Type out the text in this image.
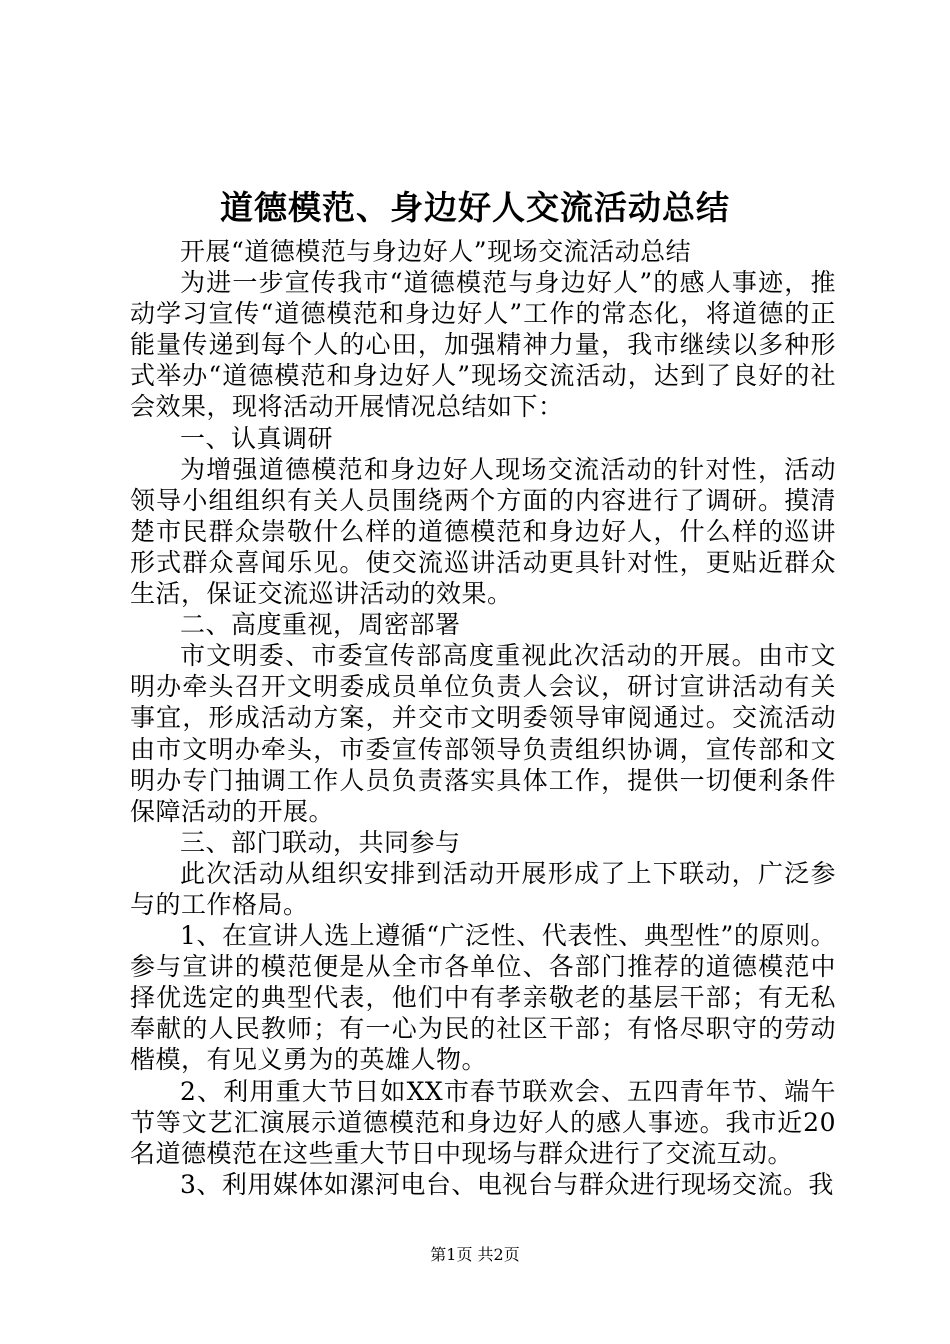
道德模范、身边好人交流活动总结

开展“道德模范与身边好人”现场交流活动总结

为进一步宣传我市“道德模范与身边好人”的感人事迹，推动学习宣传“道德模范和身边好人”工作的常态化，将道德的正能量传递到每个人的心田，加强精神力量，我市继续以多种形式举办“道德模范和身边好人”现场交流活动，达到了良好的社会效果，现将活动开展情况总结如下：

一、认真调研

为增强道德模范和身边好人现场交流活动的针对性，活动领导小组组织有关人员围绕两个方面的内容进行了调研。摸清楚市民群众崇敬什么样的道德模范和身边好人，什么样的巡讲形式群众喜闻乐见。使交流巡讲活动更具针对性，更贴近群众生活，保证交流巡讲活动的效果。

二、高度重视，周密部署

市文明委、市委宣传部高度重视此次活动的开展。由市文明办牵头召开文明委成员单位负责人会议，研讨宣讲活动有关事宜，形成活动方案，并交市文明委领导审阅通过。交流活动由市文明办牵头，市委宣传部领导负责组织协调，宣传部和文明办专门抽调工作人员负责落实具体工作，提供一切便利条件保障活动的开展。

三、部门联动，共同参与

此次活动从组织安排到活动开展形成了上下联动，广泛参与的工作格局。

1、在宣讲人选上遵循“广泛性、代表性、典型性”的原则。参与宣讲的模范便是从全市各单位、各部门推荐的道德模范中择优选定的典型代表，他们中有孝亲敬老的基层干部；有无私奉献的人民教师；有一心为民的社区干部；有恪尽职守的劳动楷模，有见义勇为的英雄人物。

2、利用重大节日如XX市春节联欢会、五四青年节、端午节等文艺汇演展示道德模范和身边好人的感人事迹。我市近20名道德模范在这些重大节日中现场与群众进行了交流互动。

3、利用媒体如漯河电台、电视台与群众进行现场交流。我

第1页 共2页
